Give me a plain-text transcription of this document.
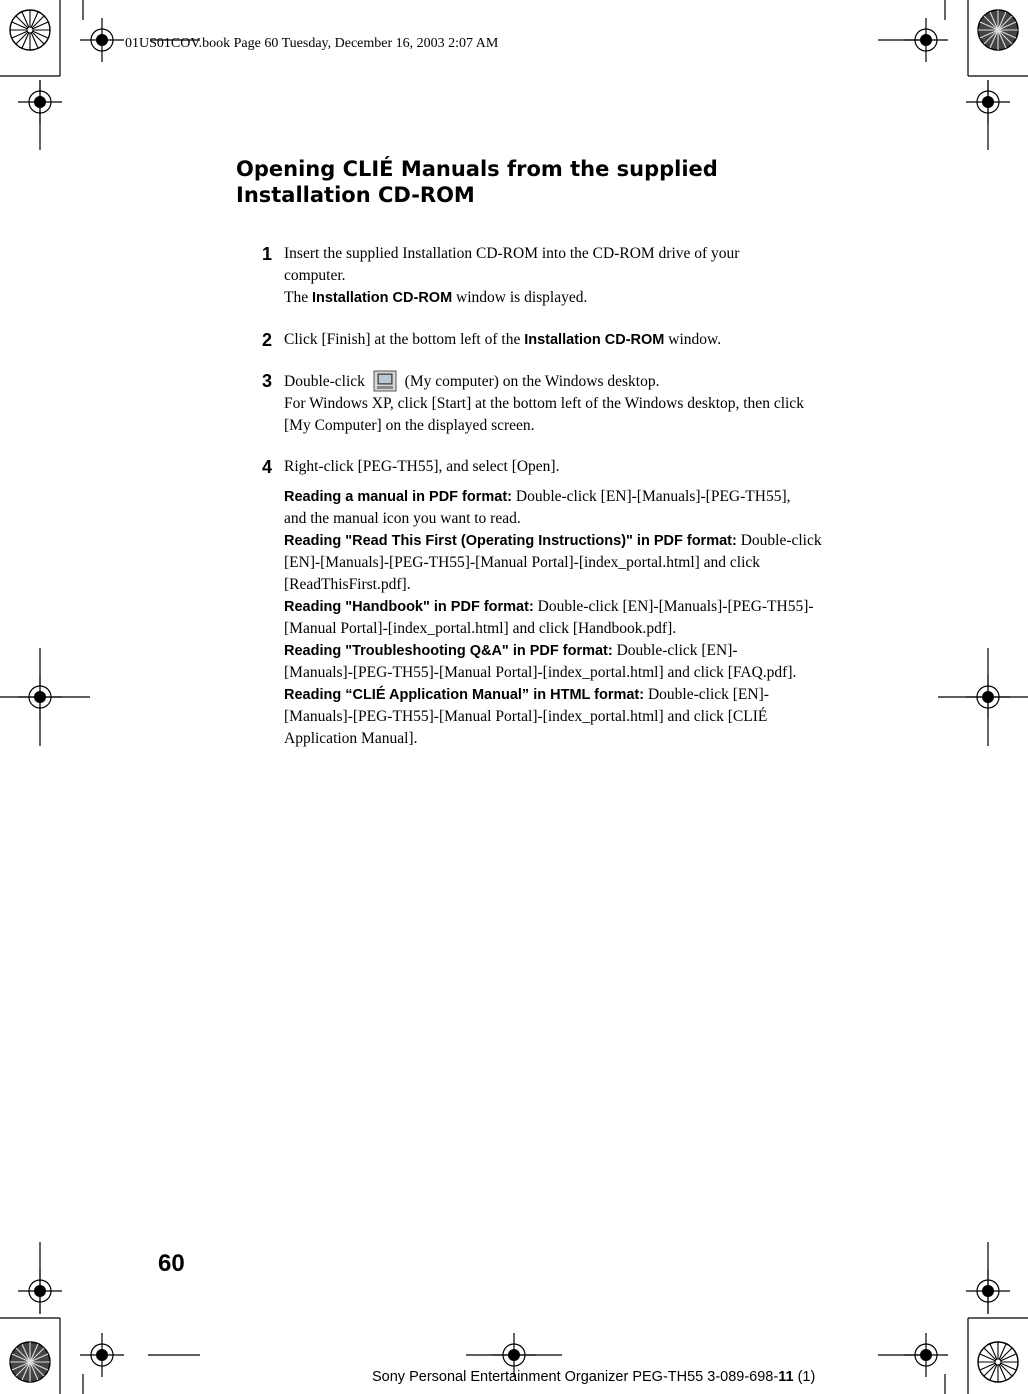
01US01COV.book Page 60 Tuesday, December 16, 2003 2:07 AM
Opening CLIÉ Manuals from the supplied
Installation CD-ROM
1 Insert the supplied Installation CD-ROM into the CD-ROM drive of your computer.
The Installation CD-ROM window is displayed.
2 Click [Finish] at the bottom left of the Installation CD-ROM window.
3 Double-click	(My computer) on the Windows desktop.
For Windows XP, click [Start] at the bottom left of the Windows desktop, then click [My Computer] on the displayed screen.
4 Right-click [PEG-TH55], and select [Open].
Reading a manual in PDF format: Double-click [EN]-[Manuals]-[PEG-TH55], and the manual icon you want to read.
Reading "Read This First (Operating Instructions)" in PDF format: Double-click [EN]-[Manuals]-[PEG-TH55]-[Manual Portal]-[index_portal.html] and click [ReadThisFirst.pdf].
Reading "Handbook" in PDF format: Double-click [EN]-[Manuals]-[PEG-TH55]-[Manual Portal]-[index_portal.html] and click [Handbook.pdf].
Reading "Troubleshooting Q&A" in PDF format: Double-click [EN]-[Manuals]-[PEG-TH55]-[Manual Portal]-[index_portal.html] and click [FAQ.pdf].
Reading “CLIÉ Application Manual” in HTML format: Double-click [EN]-[Manuals]-[PEG-TH55]-[Manual Portal]-[index_portal.html] and click [CLIÉ Application Manual].
60
Sony Personal Entertainment Organizer PEG-TH55 3-089-698-11 (1)
